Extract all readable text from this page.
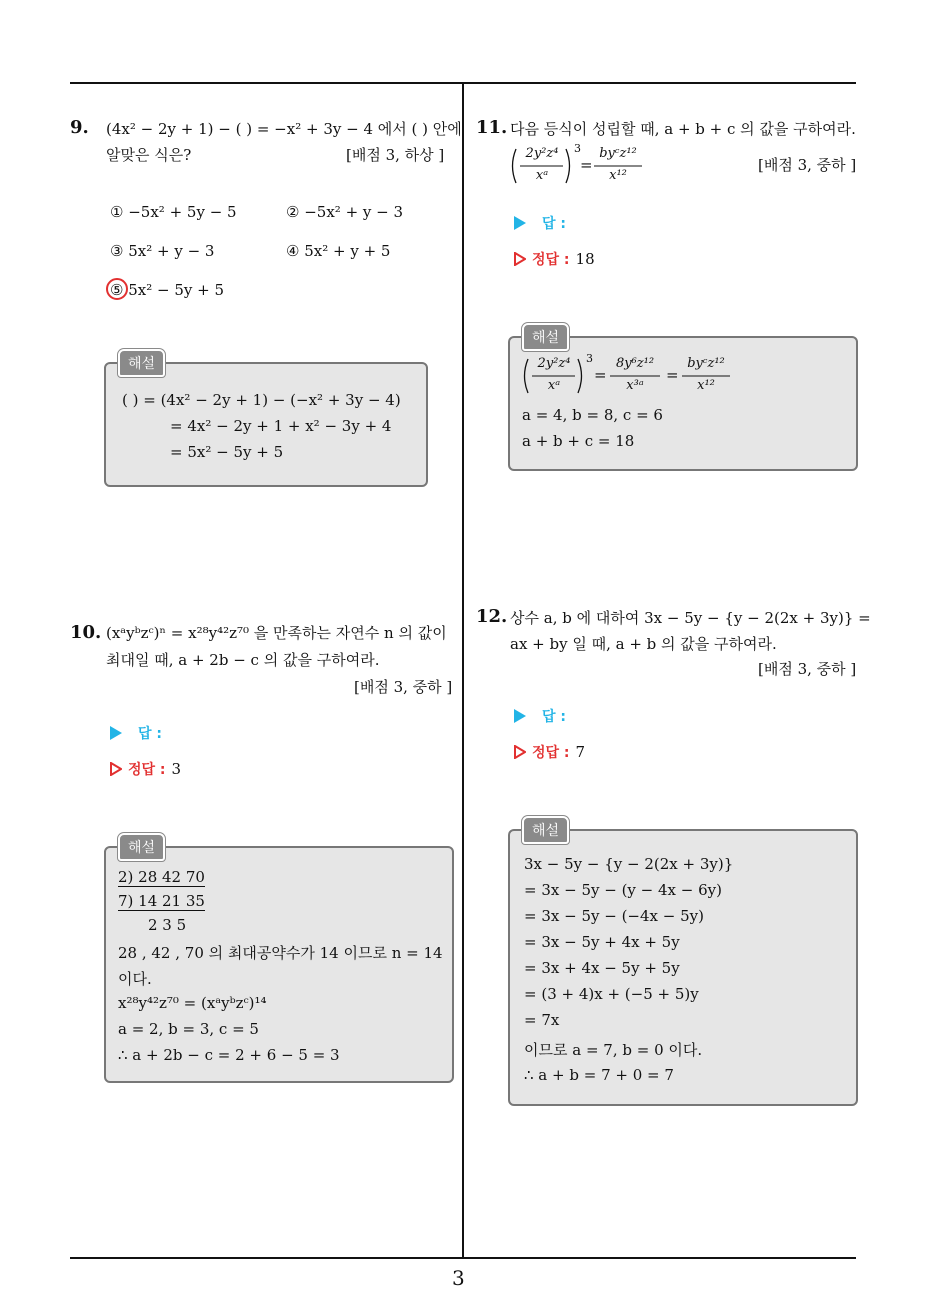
9. (4x² − 2y + 1) − ( ) = −x² + 3y − 4 에서 ( ) 안에
알맞은 식은?	[배점 3, 하상 ]
① −5x² + 5y − 5	② −5x² + y − 3
③ 5x² + y − 3	④ 5x² + y + 5
⑤ 5x² − 5y + 5
( ) = (4x² − 2y + 1) − (−x² + 3y − 4)
= 4x² − 2y + 1 + x² − 3y + 4
= 5x² − 5y + 5
해설
10. (xᵃyᵇzᶜ)ⁿ = x²⁸y⁴²z⁷⁰ 을 만족하는 자연수 n 의 값이
최대일 때, a + 2b − c 의 값을 구하여라.
[배점 3, 중하 ]
답 :
정답 : 3
2) 28 42 70
7) 14 21 35
2 3 5
28 , 42 , 70 의 최대공약수가 14 이므로 n = 14
이다.
x²⁸y⁴²z⁷⁰ = (xᵃyᵇzᶜ)¹⁴
a = 2, b = 3, c = 5
∴ a + 2b − c = 2 + 6 − 5 = 3
해설
11. 다음 등식이 성립할 때, a + b + c 의 값을 구하여라.
2y²z⁴
xᵃ
3
=
byᶜz¹²
x¹²
[배점 3, 중하 ]
답 :
정답 : 18
2y²z⁴
xᵃ
3
=
8y⁶z¹²
x³ᵃ
=
byᶜz¹²
x¹²
a = 4, b = 8, c = 6
a + b + c = 18
해설
12. 상수 a, b 에 대하여 3x − 5y − {y − 2(2x + 3y)} =
ax + by 일 때, a + b 의 값을 구하여라.
[배점 3, 중하 ]
답 :
정답 : 7
3x − 5y − {y − 2(2x + 3y)}
= 3x − 5y − (y − 4x − 6y)
= 3x − 5y − (−4x − 5y)
= 3x − 5y + 4x + 5y
= 3x + 4x − 5y + 5y
= (3 + 4)x + (−5 + 5)y
= 7x
이므로 a = 7, b = 0 이다.
∴ a + b = 7 + 0 = 7
해설
3
